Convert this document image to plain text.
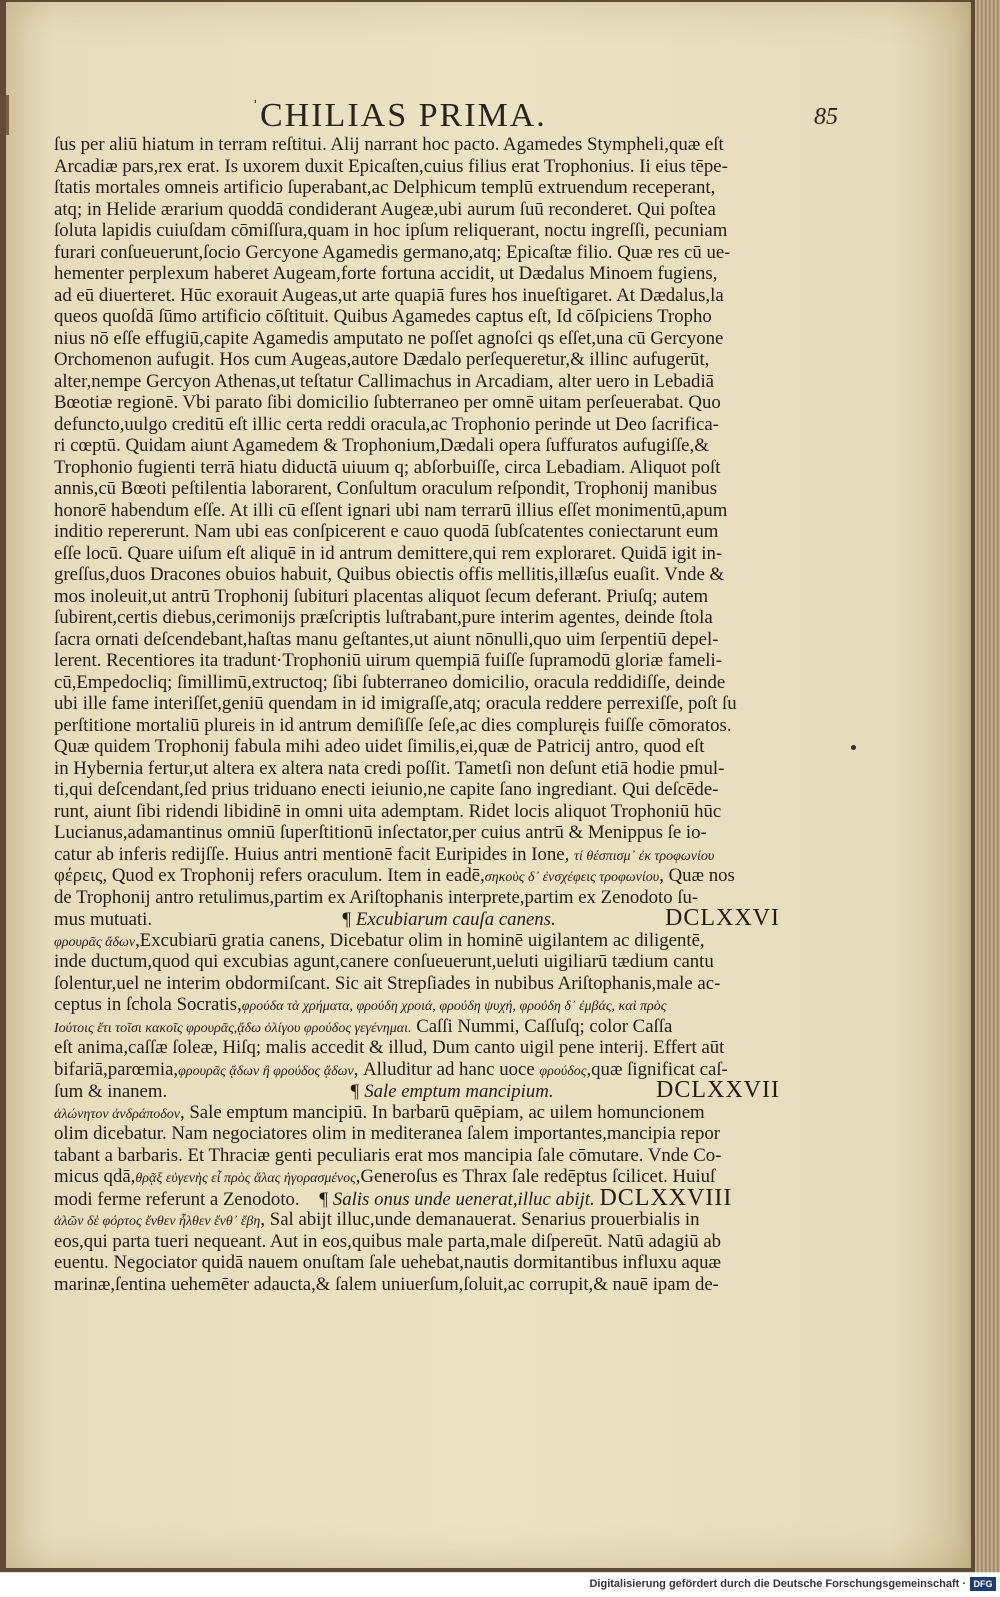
ˈ CHILIAS PRIMA.	85
ſus per aliū hiatum in terram reſtitui. Alij narrant hoc pacto. Agamedes Stympheli,quæ eſt
Arcadiæ pars,rex erat. Is uxorem duxit Epicaſten,cuius filius erat Trophonius. Ii eius tēpe-
ſtatis mortales omneis artificio ſuperabant,ac Delphicum templū extruendum receperant,
atq; in Helide ærarium quoddā condiderant Augeæ,ubi aurum ſuū reconderet. Qui poſtea
ſoluta lapidis cuiuſdam cōmiſſura,quam in hoc ipſum reliquerant, noctu ingreſſi, pecuniam
furari conſueuerunt,ſocio Gercyone Agamedis germano,atq; Epicaſtæ filio. Quæ res cū ue-
hementer perplexum haberet Augeam,forte fortuna accidit, ut Dædalus Minoem fugiens,
ad eū diuerteret. Hūc exorauit Augeas,ut arte quapiā fures hos inueſtigaret. At Dædalus,la
queos quoſdā ſūmo artificio cōſtituit. Quibus Agamedes captus eſt, Id cōſpiciens Tropho
nius nō eſſe effugiū,capite Agamedis amputato ne poſſet agnoſci qs eſſet,una cū Gercyone
Orchomenon aufugit. Hos cum Augeas,autore Dædalo perſequeretur,& illinc aufugerūt,
alter,nempe Gercyon Athenas,ut teſtatur Callimachus in Arcadiam, alter uero in Lebadiā
Bœotiæ regionē. Vbi parato ſibi domicilio ſubterraneo per omnē uitam perſeuerabat. Quo
defuncto,uulgo creditū eſt illic certa reddi oracula,ac Trophonio perinde ut Deo ſacrifica-
ri cœptū. Quidam aiunt Agamedem & Trophonium,Dædali opera ſuffuratos aufugiſſe,&
Trophonio fugienti terrā hiatu diductā uiuum q; abſorbuiſſe, circa Lebadiam. Aliquot poſt
annis,cū Bœoti peſtilentia laborarent, Conſultum oraculum reſpondit, Trophonij manibus
honorē habendum eſſe. At illi cū eſſent ignari ubi nam terrarū illius eſſet monimentū,apum
inditio repererunt. Nam ubi eas conſpicerent e cauo quodā ſubſcatentes coniectarunt eum
eſſe locū. Quare uiſum eſt aliquē in id antrum demittere,qui rem exploraret. Quidā igit in-
greſſus,duos Dracones obuios habuit, Quibus obiectis offis mellitis,illæſus euaſit. Vnde &
mos inoleuit,ut antrū Trophonij ſubituri placentas aliquot ſecum deferant. Priuſq; autem
ſubirent,certis diebus,cerimonijs præſcriptis luſtrabant,pure interim agentes, deinde ſtola
ſacra ornati deſcendebant,haſtas manu geſtantes,ut aiunt nōnulli,quo uim ſerpentiū depel-
lerent. Recentiores ita tradunt·Trophoniū uirum quempiā fuiſſe ſupramodū gloriæ fameli-
cū,Empedocliq; ſimillimū,extructoq; ſibi ſubterraneo domicilio, oracula reddidiſſe, deinde
ubi ille fame interiſſet,geniū quendam in id imigraſſe,atq; oracula reddere perrexiſſe, poſt ſu
perſtitione mortaliū plureis in id antrum demiſiſſe ſeſe,ac dies compluręis fuiſſe cōmoratos.
Quæ quidem Trophonij fabula mihi adeo uidet ſimilis,ei,quæ de Patricij antro, quod eſt
in Hybernia fertur,ut altera ex altera nata credi poſſit. Tametſi non deſunt etiā hodie pmul-
ti,qui deſcendant,ſed prius triduano enecti ieiunio,ne capite ſano ingrediant. Qui deſcēde-
runt, aiunt ſibi ridendi libidinē in omni uita ademptam. Ridet locis aliquot Trophoniū hūc
Lucianus,adamantinus omniū ſuperſtitionū inſectator,per cuius antrū & Menippus ſe io-
catur ab inferis redijſſe. Huius antri mentionē facit Euripides in Ione, τί θέσπισμ᾽ ἐκ τροφωνίου
φέρεις, Quod ex Trophonij refers oraculum. Item in eadē,σηκοὺς δ᾽ ἐνσχέφεις τροφωνίου, Quæ nos
de Trophonij antro retulimus,partim ex Ariſtophanis interprete,partim ex Zenodoto ſu-
mus mutuati.	¶ Excubiarum cauſa canens.	DCLXXVI
φρουρᾶς ἄδων,Excubiarū gratia canens, Dicebatur olim in hominē uigilantem ac diligentē,
inde ductum,quod qui excubias agunt,canere conſueuerunt,ueluti uigiliarū tædium cantu
ſolentur,uel ne interim obdormiſcant. Sic ait Strepſiades in nubibus Ariſtophanis,male ac-
ceptus in ſchola Socratis,φρούδα τὰ χρήματα, φρούδη χροιά, φρούδη ψυχή, φρούδη δ᾽ ἐμβάς, καὶ πρὸς
Ιούτοις ἔτι τοῖσι κακοῖς φρουρᾶς,ᾄδω ὀλίγου φρούδος γεγένημαι. Caſſi Nummi, Caſſuſq; color Caſſa
eſt anima,caſſæ ſoleæ, Hiſq; malis accedit & illud, Dum canto uigil pene interij. Effert aūt
bifariā,parœmia,φρουρᾶς ᾄδων ἢ φρούδος ᾄδων, Alluditur ad hanc uoce φρούδος,quæ ſignificat caſ-
ſum & inanem.	¶ Sale emptum mancipium.	DCLXXVII
ἁλώνητον ἀνδράποδον, Sale emptum mancipiū. In barbarū quēpiam, ac uilem homuncionem
olim dicebatur. Nam negociatores olim in mediteranea ſalem importantes,mancipia repor
tabant a barbaris. Et Thraciæ genti peculiaris erat mos mancipia ſale cōmutare. Vnde Co-
micus qdā,θρᾷξ εὐγενὴς εἶ πρὸς ἅλας ἠγορασμένος,Generoſus es Thrax ſale redēptus ſcilicet. Huiuſ
modi ferme referunt a Zenodoto. ¶ Salis onus unde uenerat,illuc abijt. DCLXXVIII
ἁλῶν δὲ φόρτος ἔνθεν ἦλθεν ἔνθ᾽ ἔβη, Sal abijt illuc,unde demanauerat. Senarius prouerbialis in
eos,qui parta tueri nequeant. Aut in eos,quibus male parta,male diſpereūt. Natū adagiū ab
euentu. Negociator quidā nauem onuſtam ſale uehebat,nautis dormitantibus influxu aquæ
marinæ,ſentina uehemēter adaucta,& ſalem uniuerſum,ſoluit,ac corrupit,& nauē ipam de-
Digitalisierung gefördert durch die Deutsche Forschungsgemeinschaft · DFG
